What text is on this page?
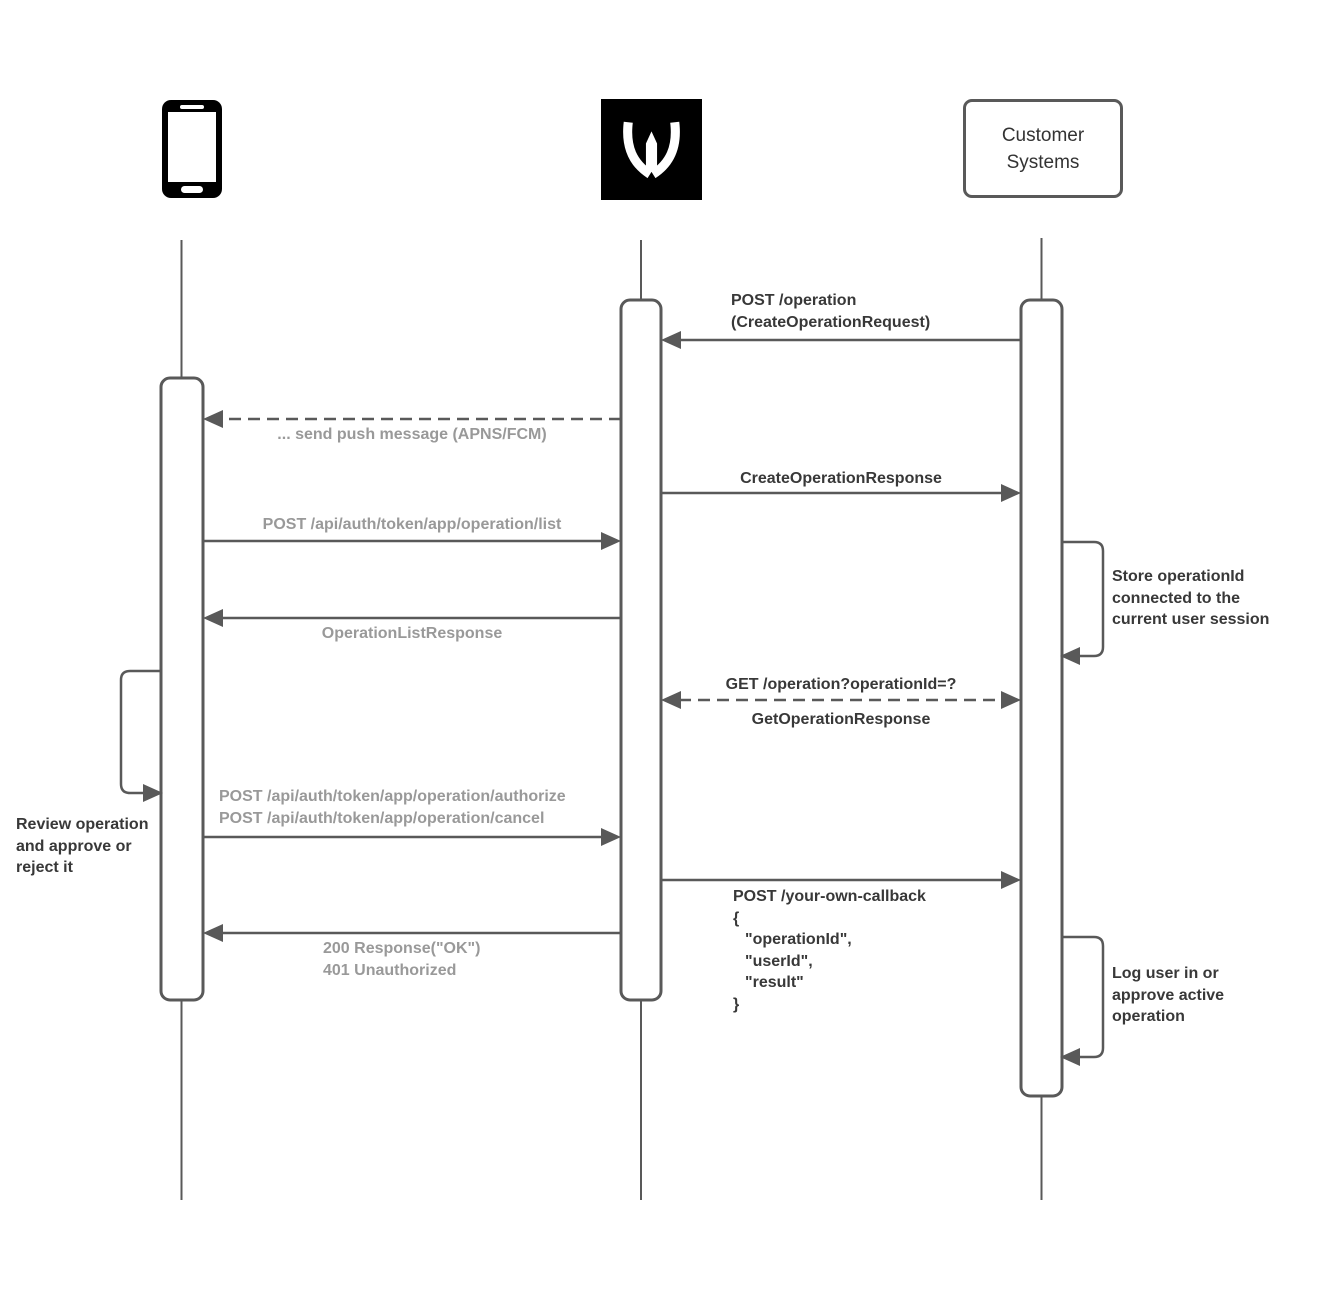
Customer Systems
POST /operation
(CreateOperationRequest)
... send push message (APNS/FCM)
CreateOperationResponse
POST /api/auth/token/app/operation/list
Store operationId
connected to the
current user session
OperationListResponse
GET /operation?operationId=?
GetOperationResponse
Review operation
and approve or
reject it
POST /api/auth/token/app/operation/authorize
POST /api/auth/token/app/operation/cancel
POST /your-own-callback
{
"operationId",
"userId",
"result"
}
200 Response("OK")
401 Unauthorized	Log user in or
approve active
operation
